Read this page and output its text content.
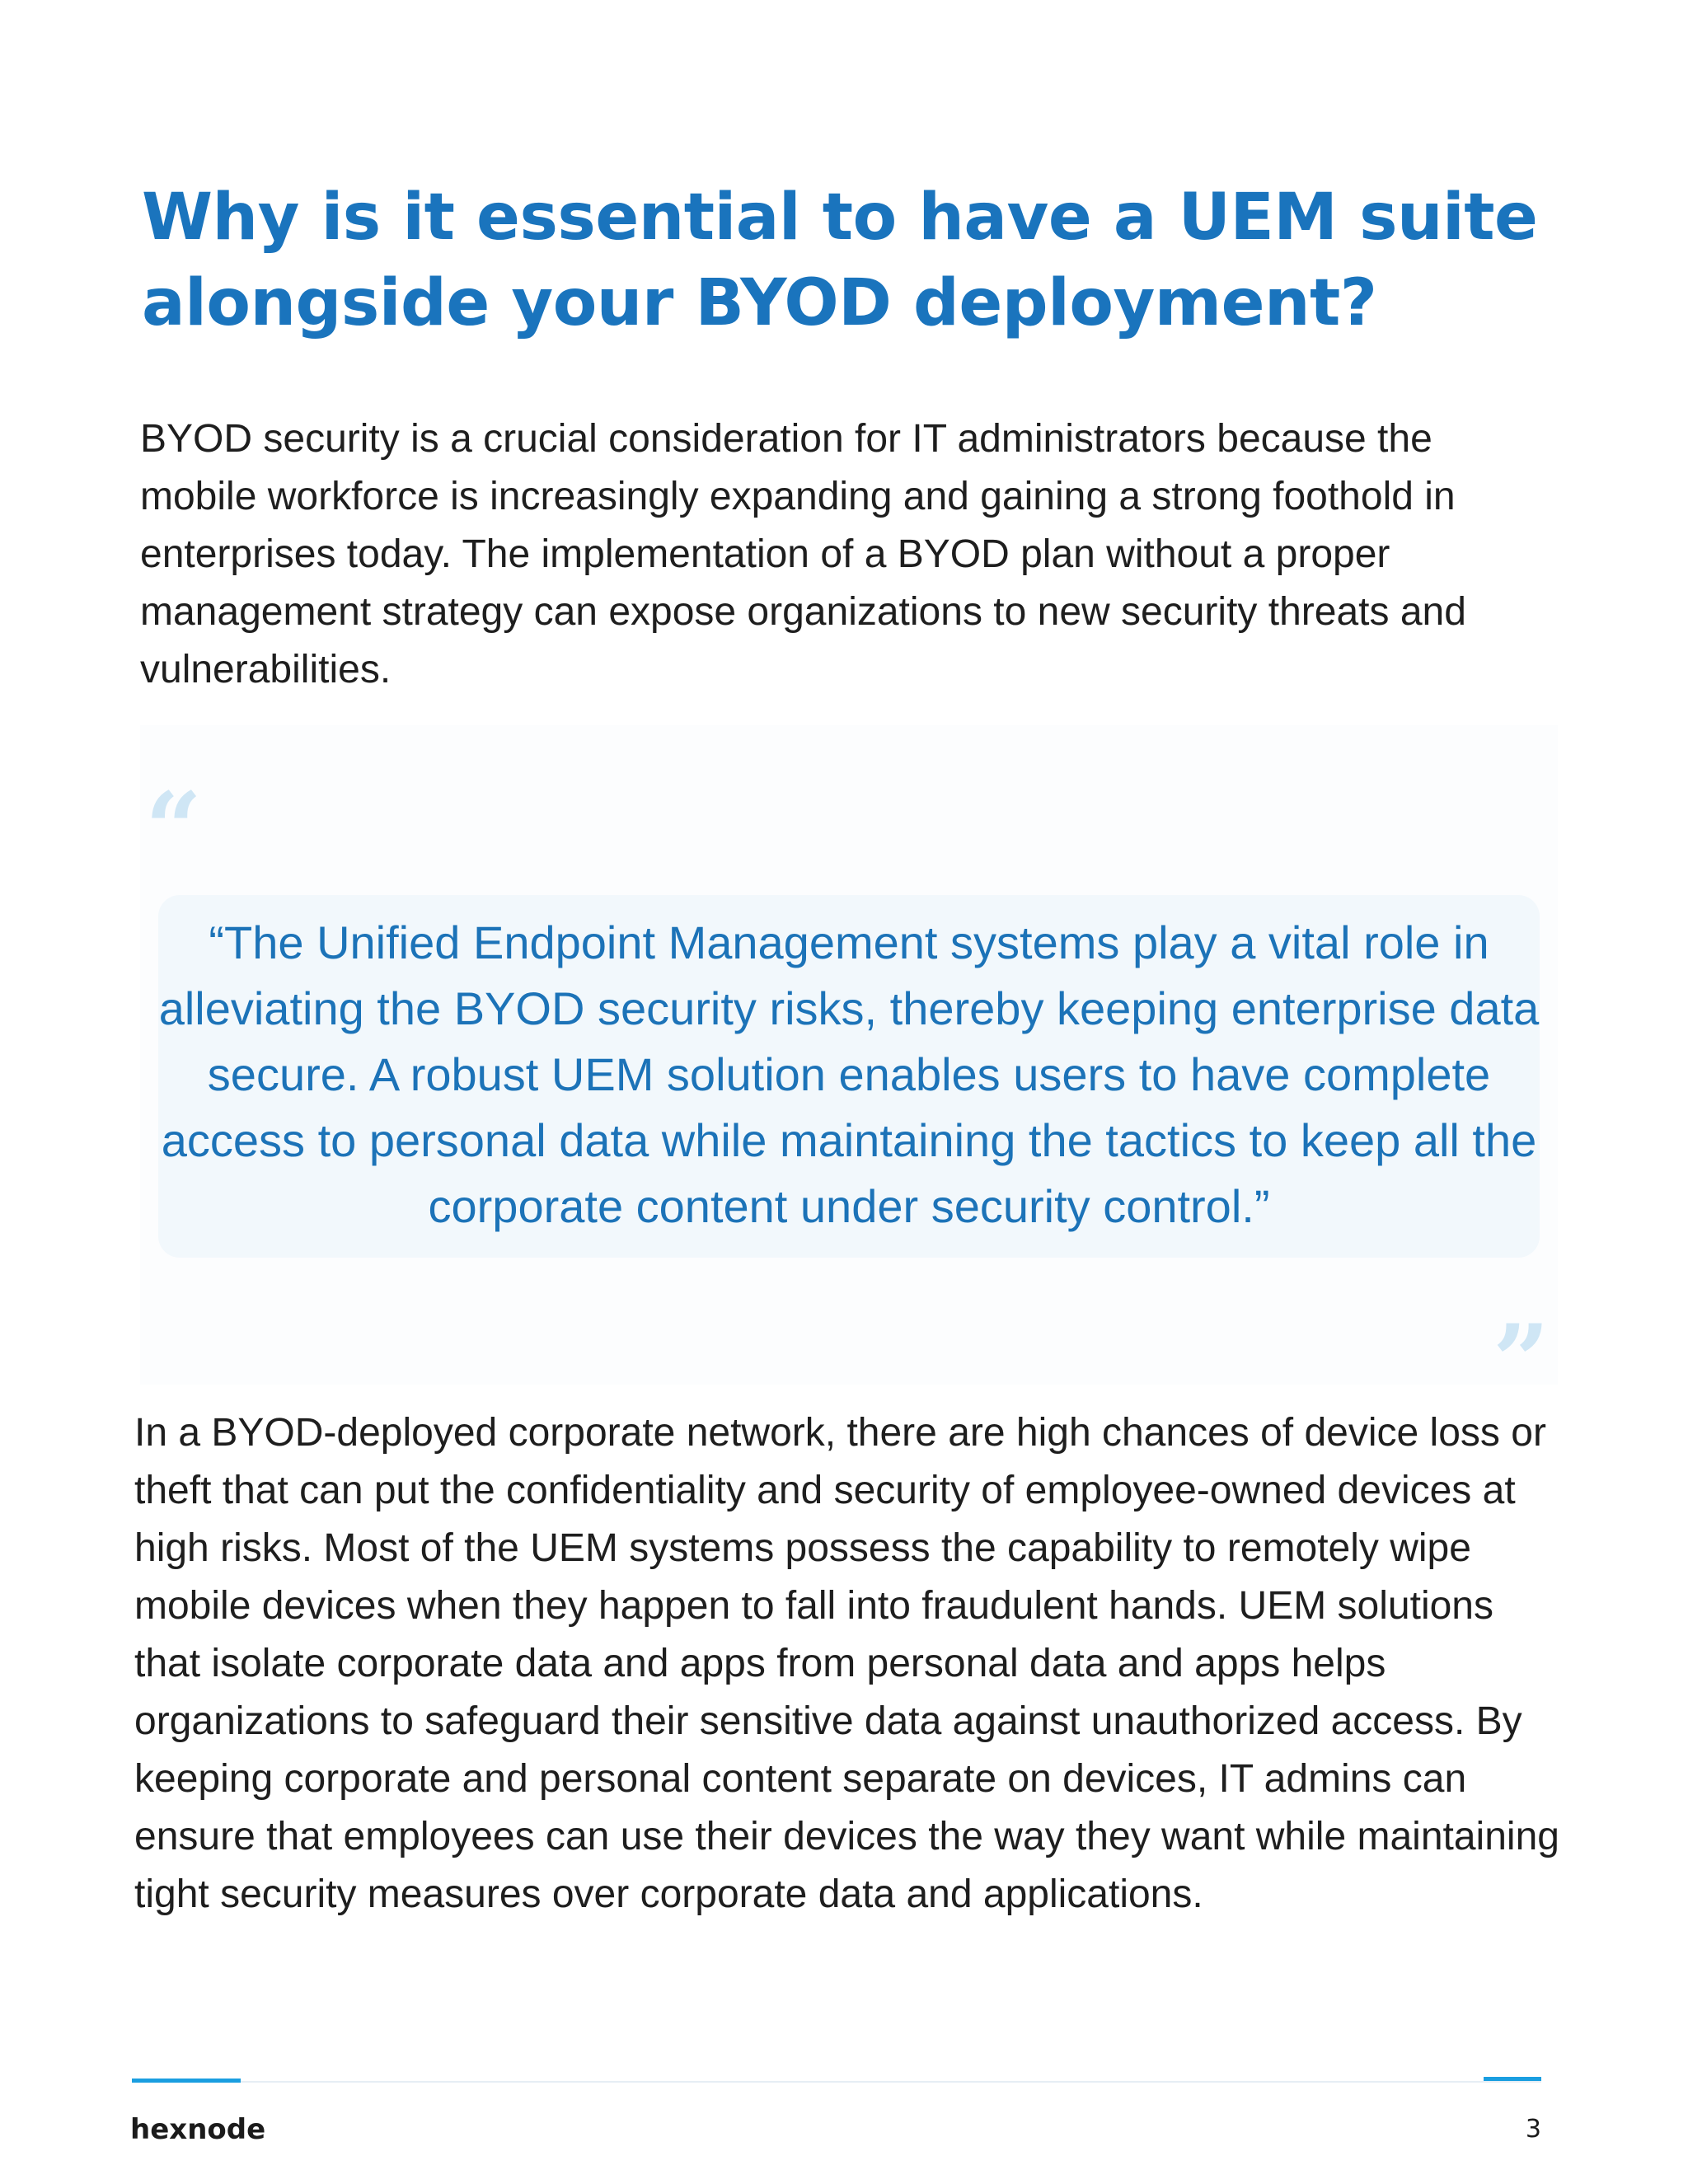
Why is it essential to have a UEM suite alongside your BYOD deployment?

BYOD security is a crucial consideration for IT administrators because the mobile workforce is increasingly expanding and gaining a strong foothold in enterprises today. The implementation of a BYOD plan without a proper management strategy can expose organizations to new security threats and vulnerabilities.

“

“The Unified Endpoint Management systems play a vital role in alleviating the BYOD security risks, thereby keeping enterprise data secure. A robust UEM solution enables users to have complete access to personal data while maintaining the tactics to keep all the corporate content under security control.”

”

In a BYOD-deployed corporate network, there are high chances of device loss or theft that can put the confidentiality and security of employee-owned devices at high risks. Most of the UEM systems possess the capability to remotely wipe mobile devices when they happen to fall into fraudulent hands. UEM solutions that isolate corporate data and apps from personal data and apps helps organizations to safeguard their sensitive data against unauthorized access. By keeping corporate and personal content separate on devices, IT admins can ensure that employees can use their devices the way they want while maintaining tight security measures over corporate data and applications.

hexnode	3
